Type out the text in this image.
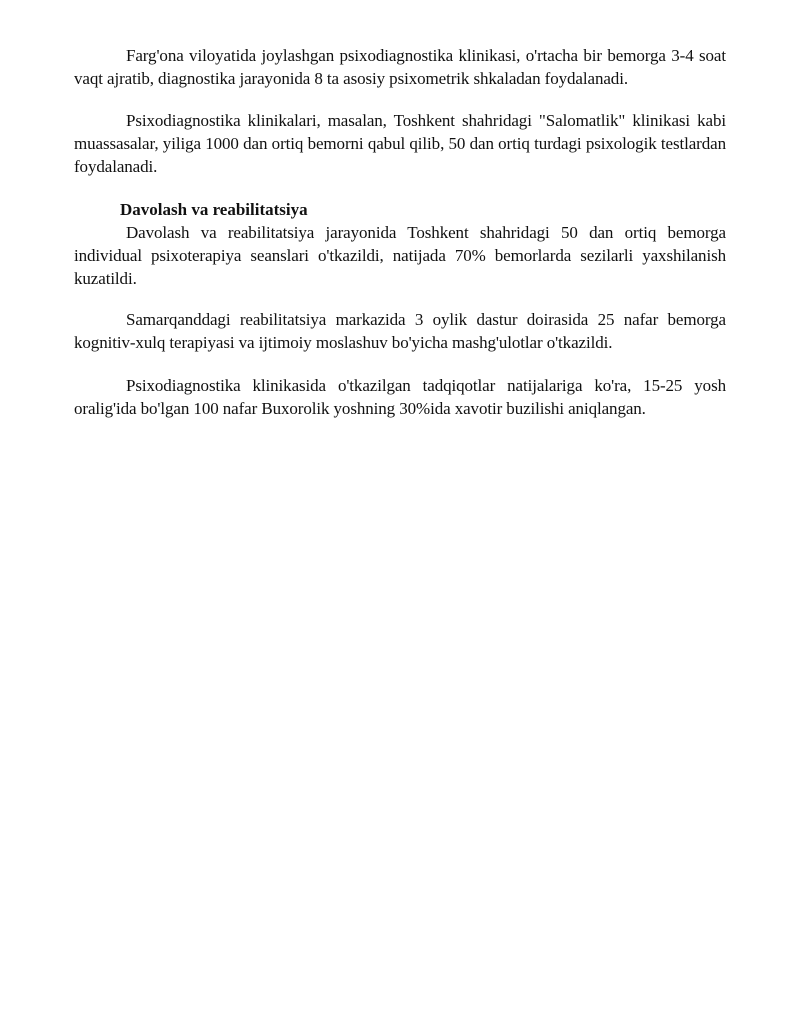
Farg'ona viloyatida joylashgan psixodiagnostika klinikasi, o'rtacha bir bemorga 3-4 soat vaqt ajratib, diagnostika jarayonida 8 ta asosiy psixometrik shkaladan foydalanadi.

Psixodiagnostika klinikalari, masalan, Toshkent shahridagi "Salomatlik" klinikasi kabi muassasalar, yiliga 1000 dan ortiq bemorni qabul qilib, 50 dan ortiq turdagi psixologik testlardan foydalanadi.

Davolash va reabilitatsiya

Davolash va reabilitatsiya jarayonida Toshkent shahridagi 50 dan ortiq bemorga individual psixoterapiya seanslari o'tkazildi, natijada 70% bemorlarda sezilarli yaxshilanish kuzatildi.

Samarqanddagi reabilitatsiya markazida 3 oylik dastur doirasida 25 nafar bemorga kognitiv-xulq terapiyasi va ijtimoiy moslashuv bo'yicha mashg'ulotlar o'tkazildi.

Psixodiagnostika klinikasida o'tkazilgan tadqiqotlar natijalariga ko'ra, 15-25 yosh oralig'ida bo'lgan 100 nafar Buxorolik yoshning 30%ida xavotir buzilishi aniqlangan.
